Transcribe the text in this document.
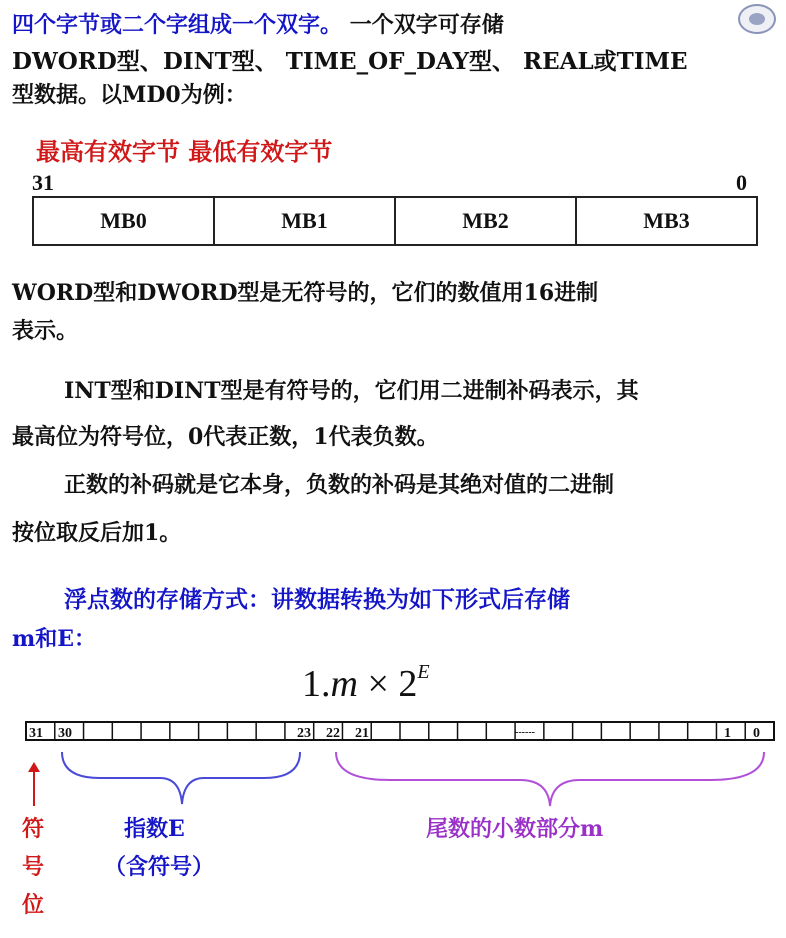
四个字节或二个字组成一个双字。 一个双字可存储
DWORD型、DINT型、 TIME_OF_DAY型、 REAL或TIME
型数据。以MD0为例：
最高有效字节 最低有效字节
31	0
MB0	MB1	MB2	MB3
WORD型和DWORD型是无符号的，它们的数值用16进制
表示。
INT型和DINT型是有符号的，它们用二进制补码表示，其
最高位为符号位，0代表正数，1代表负数。
正数的补码就是它本身，负数的补码是其绝对值的二进制
按位取反后加1。
浮点数的存储方式：讲数据转换为如下形式后存储
m和E：
$1.m \times 2^E$
31 30	23 22 21	------	1 0
符
号
位
指数E
（含符号）
尾数的小数部分m
